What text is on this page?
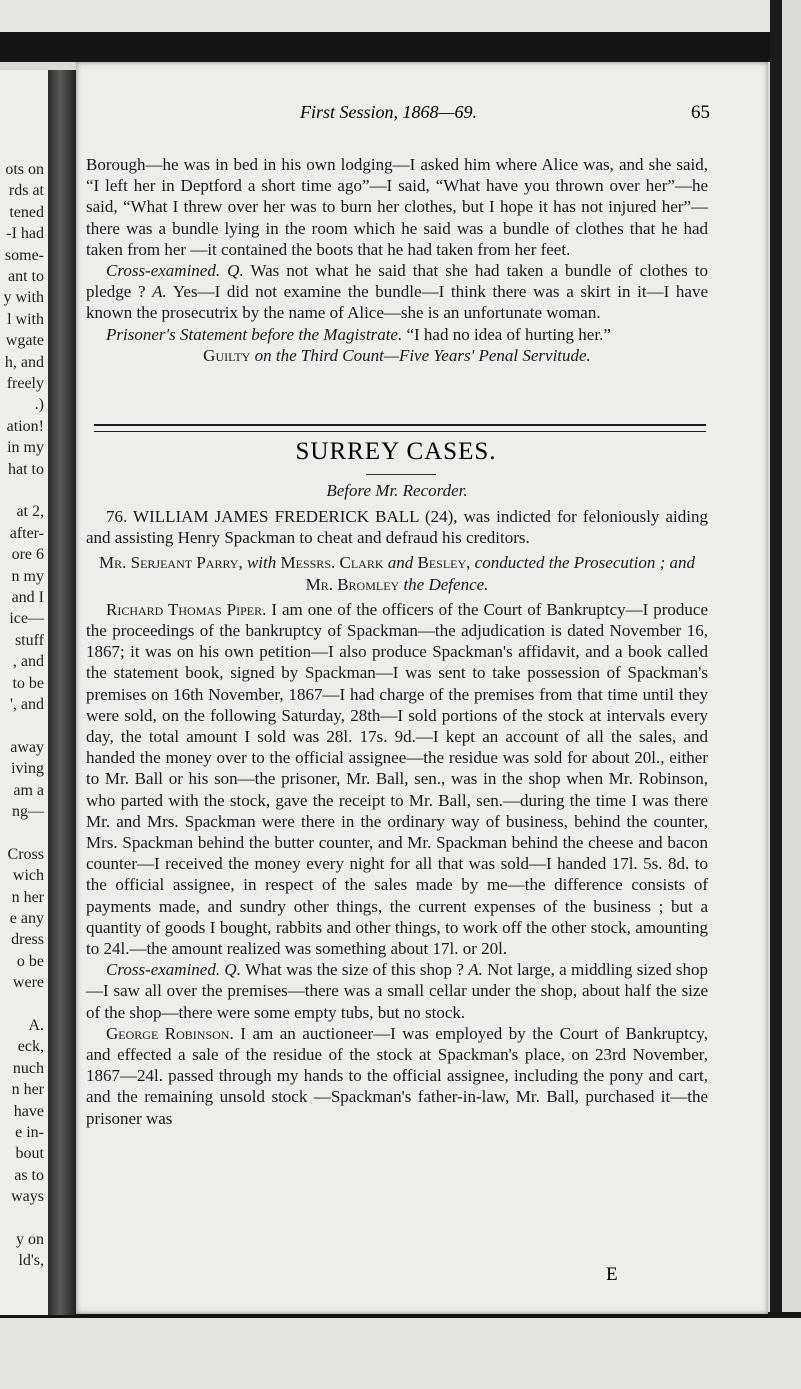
ots on
rds at
tened
-I had
some-
ant to
y with
l with
wgate
h, and
freely
.)
ation!
in my
hat to
at 2,
after-
ore 6
n my
and I
ice—
stuff
, and
to be
', and
away
iving
am a
ng—
Cross
wich
n her
e any
dress
o be
were
A.
eck,
nuch
n her
have
e in-
bout
as to
ways
y on
ld's,
First Session, 1868—69.	65

Borough—he was in bed in his own lodging—I asked him where Alice was, and she said, “I left her in Deptford a short time ago”—I said, “What have you thrown over her”—he said, “What I threw over her was to burn her clothes, but I hope it has not injured her”—there was a bundle lying in the room which he said was a bundle of clothes that he had taken from her —it contained the boots that he had taken from her feet.

Cross-examined. Q. Was not what he said that she had taken a bundle of clothes to pledge ? A. Yes—I did not examine the bundle—I think there was a skirt in it—I have known the prosecutrix by the name of Alice—she is an unfortunate woman.

Prisoner's Statement before the Magistrate. “I had no idea of hurting her.”

Guilty on the Third Count—Five Years' Penal Servitude.

SURREY CASES.
Before Mr. Recorder.

76. WILLIAM JAMES FREDERICK BALL (24), was indicted for feloniously aiding and assisting Henry Spackman to cheat and defraud his creditors.

Mr. Serjeant Parry, with Messrs. Clark and Besley, conducted the Prosecution ; and Mr. Bromley the Defence.

Richard Thomas Piper. I am one of the officers of the Court of Bankruptcy—I produce the proceedings of the bankruptcy of Spackman—the adjudication is dated November 16, 1867; it was on his own petition—I also produce Spackman's affidavit, and a book called the statement book, signed by Spackman—I was sent to take possession of Spackman's premises on 16th November, 1867—I had charge of the premises from that time until they were sold, on the following Saturday, 28th—I sold portions of the stock at intervals every day, the total amount I sold was 28l. 17s. 9d.—I kept an account of all the sales, and handed the money over to the official assignee—the residue was sold for about 20l., either to Mr. Ball or his son—the prisoner, Mr. Ball, sen., was in the shop when Mr. Robinson, who parted with the stock, gave the receipt to Mr. Ball, sen.—during the time I was there Mr. and Mrs. Spackman were there in the ordinary way of business, behind the counter, Mrs. Spackman behind the butter counter, and Mr. Spackman behind the cheese and bacon counter—I received the money every night for all that was sold—I handed 17l. 5s. 8d. to the official assignee, in respect of the sales made by me—the difference consists of payments made, and sundry other things, the current expenses of the business ; but a quantity of goods I bought, rabbits and other things, to work off the other stock, amounting to 24l.—the amount realized was something about 17l. or 20l.

Cross-examined. Q. What was the size of this shop ? A. Not large, a middling sized shop—I saw all over the premises—there was a small cellar under the shop, about half the size of the shop—there were some empty tubs, but no stock.

George Robinson. I am an auctioneer—I was employed by the Court of Bankruptcy, and effected a sale of the residue of the stock at Spackman's place, on 23rd November, 1867—24l. passed through my hands to the official assignee, including the pony and cart, and the remaining unsold stock —Spackman's father-in-law, Mr. Ball, purchased it—the prisoner was

E
